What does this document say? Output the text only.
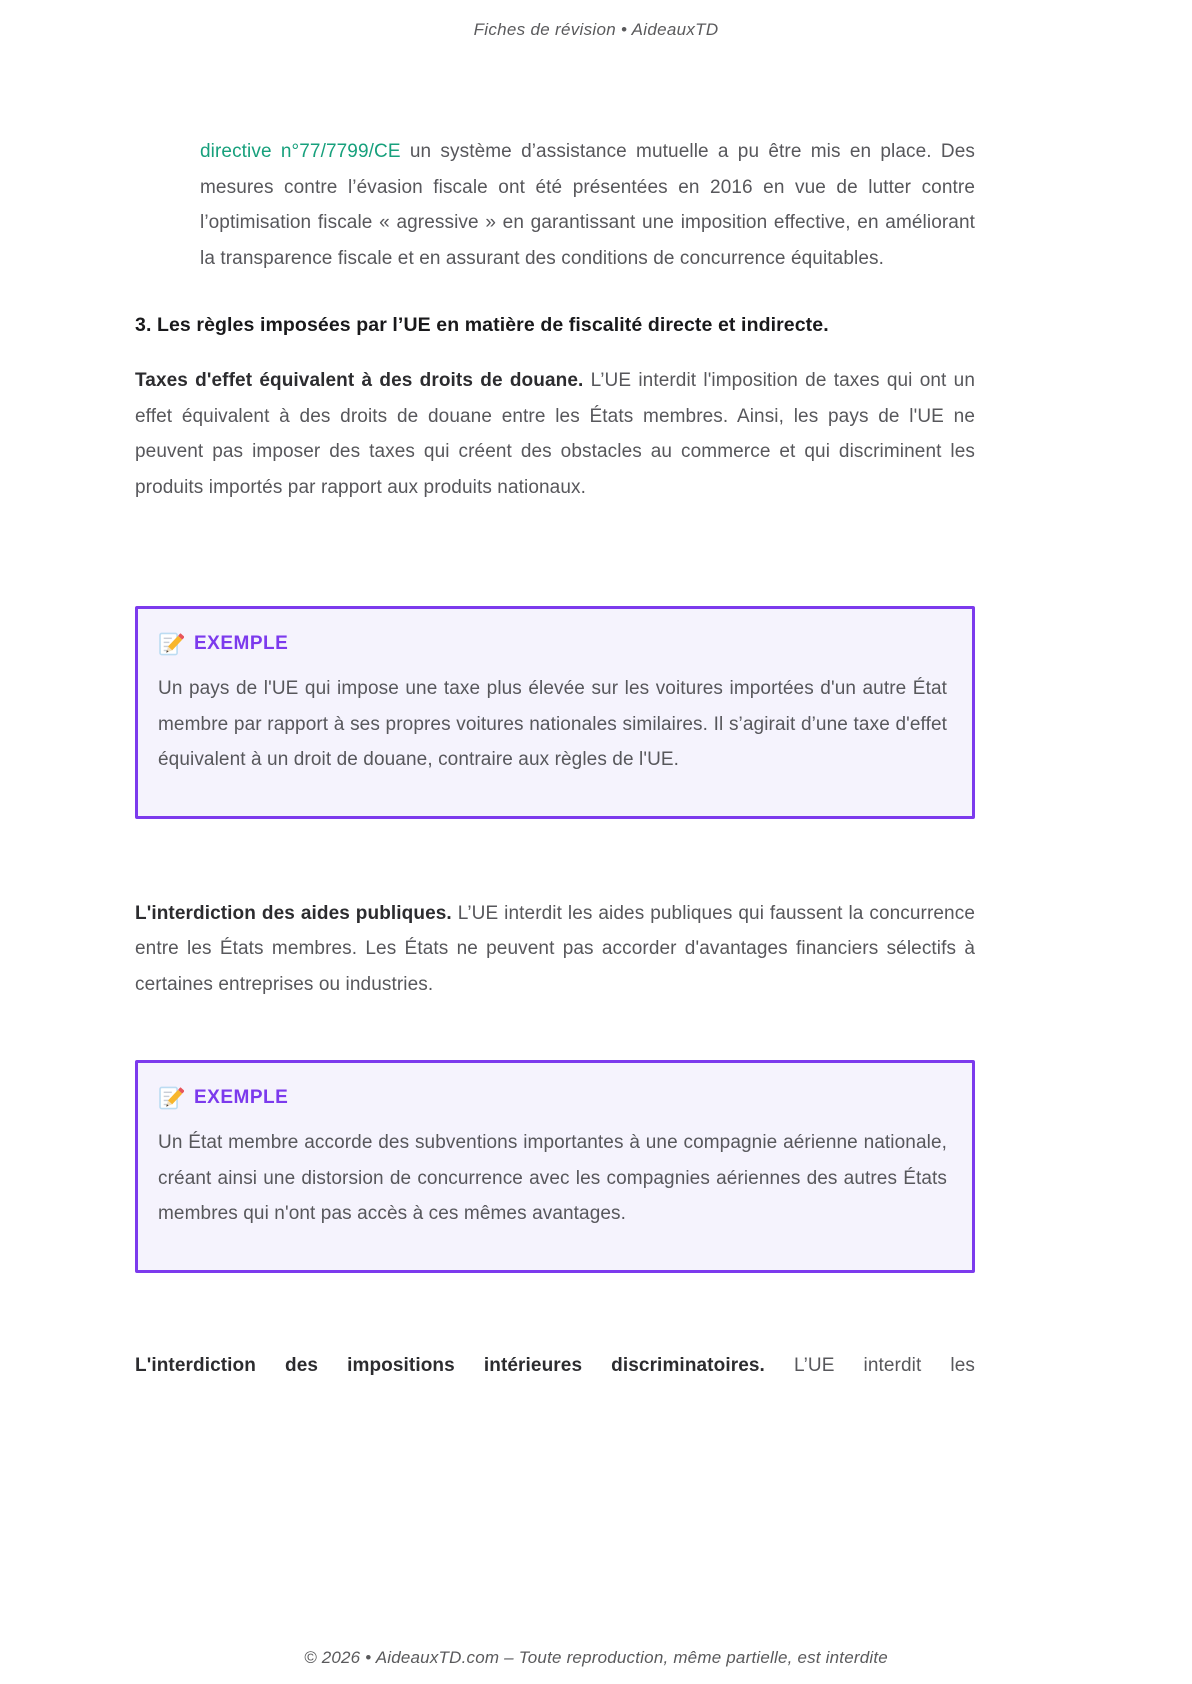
Fiches de révision • AideauxTD

directive n°77/7799/CE un système d’assistance mutuelle a pu être mis en place. Des mesures contre l’évasion fiscale ont été présentées en 2016 en vue de lutter contre l’optimisation fiscale « agressive » en garantissant une imposition effective, en améliorant la transparence fiscale et en assurant des conditions de concurrence équitables.

3. Les règles imposées par l’UE en matière de fiscalité directe et indirecte.

Taxes d'effet équivalent à des droits de douane. L’UE interdit l'imposition de taxes qui ont un effet équivalent à des droits de douane entre les États membres. Ainsi, les pays de l'UE ne peuvent pas imposer des taxes qui créent des obstacles au commerce et qui discriminent les produits importés par rapport aux produits nationaux.

EXEMPLE

Un pays de l'UE qui impose une taxe plus élevée sur les voitures importées d'un autre État membre par rapport à ses propres voitures nationales similaires. Il s’agirait d’une taxe d'effet équivalent à un droit de douane, contraire aux règles de l'UE.

L'interdiction des aides publiques. L’UE interdit les aides publiques qui faussent la concurrence entre les États membres. Les États ne peuvent pas accorder d'avantages financiers sélectifs à certaines entreprises ou industries.

EXEMPLE

Un État membre accorde des subventions importantes à une compagnie aérienne nationale, créant ainsi une distorsion de concurrence avec les compagnies aériennes des autres États membres qui n'ont pas accès à ces mêmes avantages.

L'interdiction des impositions intérieures discriminatoires. L’UE interdit les

© 2026 • AideauxTD.com – Toute reproduction, même partielle, est interdite
